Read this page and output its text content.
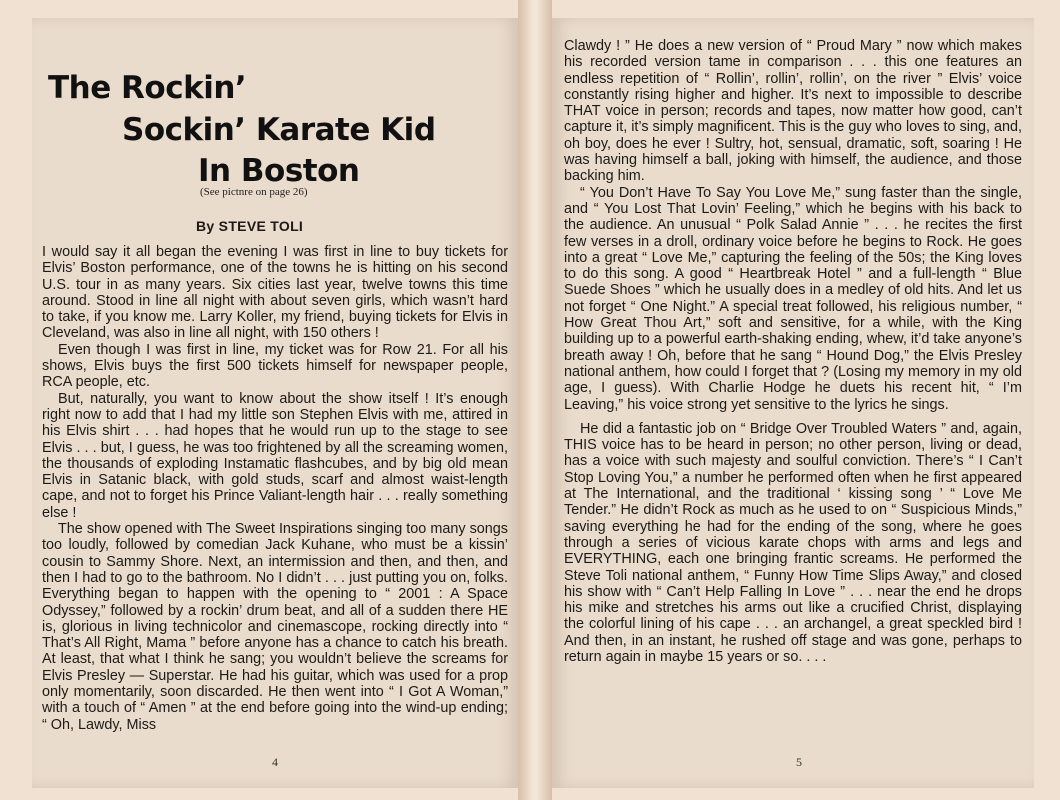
The Rockin’
Sockin’ Karate Kid
In Boston
(See pictnre on page 26)
By STEVE TOLI

I would say it all began the evening I was first in line to buy tickets for Elvis’ Boston performance, one of the towns he is hitting on his second U.S. tour in as many years. Six cities last year, twelve towns this time around. Stood in line all night with about seven girls, which wasn’t hard to take, if you know me. Larry Koller, my friend, buying tickets for Elvis in Cleveland, was also in line all night, with 150 others !

Even though I was first in line, my ticket was for Row 21. For all his shows, Elvis buys the first 500 tickets himself for newspaper people, RCA people, etc.

But, naturally, you want to know about the show itself ! It’s enough right now to add that I had my little son Stephen Elvis with me, attired in his Elvis shirt . . . had hopes that he would run up to the stage to see Elvis . . . but, I guess, he was too frightened by all the screaming women, the thousands of exploding Instamatic flashcubes, and by big old mean Elvis in Satanic black, with gold studs, scarf and almost waist-length cape, and not to forget his Prince Valiant-length hair . . . really something else !

The show opened with The Sweet Inspirations singing too many songs too loudly, followed by comedian Jack Kuhane, who must be a kissin’ cousin to Sammy Shore. Next, an intermission and then, and then, and then I had to go to the bathroom. No I didn’t . . . just putting you on, folks. Everything began to happen with the opening to “ 2001 : A Space Odyssey,” followed by a rockin’ drum beat, and all of a sudden there HE is, glorious in living technicolor and cinemascope, rocking directly into “ That’s All Right, Mama ” before anyone has a chance to catch his breath. At least, that what I think he sang; you wouldn’t believe the screams for Elvis Presley — Superstar. He had his guitar, which was used for a prop only momentarily, soon discarded. He then went into “ I Got A Woman,” with a touch of “ Amen ” at the end before going into the wind-up ending; “ Oh, Lawdy, Miss

4

Clawdy ! ” He does a new version of “ Proud Mary ” now which makes his recorded version tame in comparison . . . this one features an endless repetition of “ Rollin’, rollin’, rollin’, on the river ” Elvis’ voice constantly rising higher and higher. It’s next to impossible to describe THAT voice in person; records and tapes, now matter how good, can’t capture it, it’s simply magnificent. This is the guy who loves to sing, and, oh boy, does he ever ! Sultry, hot, sensual, dramatic, soft, soaring ! He was having himself a ball, joking with himself, the audience, and those backing him.

“ You Don’t Have To Say You Love Me,” sung faster than the single, and “ You Lost That Lovin’ Feeling,” which he begins with his back to the audience. An unusual “ Polk Salad Annie ” . . . he recites the first few verses in a droll, ordinary voice before he begins to Rock. He goes into a great “ Love Me,” capturing the feeling of the 50s; the King loves to do this song. A good “ Heartbreak Hotel ” and a full-length “ Blue Suede Shoes ” which he usually does in a medley of old hits. And let us not forget “ One Night.” A special treat followed, his religious number, “ How Great Thou Art,” soft and sensitive, for a while, with the King building up to a powerful earth-shaking ending, whew, it’d take anyone’s breath away ! Oh, before that he sang “ Hound Dog,” the Elvis Presley national anthem, how could I forget that ? (Losing my memory in my old age, I guess). With Charlie Hodge he duets his recent hit, “ I’m Leaving,” his voice strong yet sensitive to the lyrics he sings.

He did a fantastic job on “ Bridge Over Troubled Waters ” and, again, THIS voice has to be heard in person; no other person, living or dead, has a voice with such majesty and soulful conviction. There’s “ I Can’t Stop Loving You,” a number he performed often when he first appeared at The International, and the traditional ‘ kissing song ’ “ Love Me Tender.” He didn’t Rock as much as he used to on “ Suspicious Minds,” saving everything he had for the ending of the song, where he goes through a series of vicious karate chops with arms and legs and EVERYTHING, each one bringing frantic screams. He performed the Steve Toli national anthem, “ Funny How Time Slips Away,” and closed his show with “ Can’t Help Falling In Love ” . . . near the end he drops his mike and stretches his arms out like a crucified Christ, displaying the colorful lining of his cape . . . an archangel, a great speckled bird ! And then, in an instant, he rushed off stage and was gone, perhaps to return again in maybe 15 years or so. . . .

5
